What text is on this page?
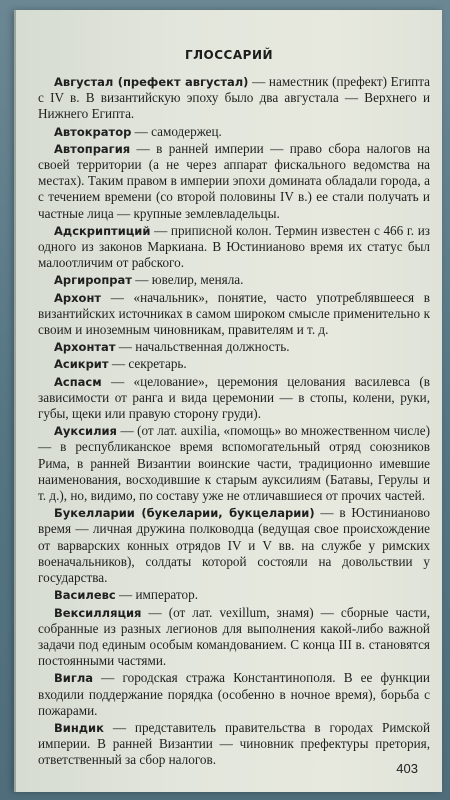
ГЛОССАРИЙ

Августал (префект августал) — наместник (префект) Египта с IV в. В византийскую эпоху было два августала — Верхнего и Нижнего Египта.

Автократор — самодержец.

Автопрагия — в ранней империи — право сбора налогов на своей территории (а не через аппарат фискального ведомства на местах). Таким правом в империи эпохи домината обладали города, а с течением времени (со второй половины IV в.) ее стали получать и частные лица — крупные землевладельцы.

Адскриптиций — приписной колон. Термин известен с 466 г. из одного из законов Маркиана. В Юстинианово время их статус был малоотличим от рабского.

Аргиропрат — ювелир, меняла.

Архонт — «начальник», понятие, часто употреблявшееся в византийских источниках в самом широком смысле применительно к своим и иноземным чиновникам, правителям и т. д.

Архонтат — начальственная должность.

Асикрит — секретарь.

Аспасм — «целование», церемония целования василевса (в зависимости от ранга и вида церемонии — в стопы, колени, руки, губы, щеки или правую сторону груди).

Ауксилия — (от лат. auxilia, «помощь» во множественном числе) — в республиканское время вспомогательный отряд союзников Рима, в ранней Византии воинские части, традиционно имевшие наименования, восходившие к старым ауксилиям (Батавы, Герулы и т. д.), но, видимо, по составу уже не отличавшиеся от прочих частей.

Букелларии (букеларии, букцеларии) — в Юстинианово время — личная дружина полководца (ведущая свое происхождение от варварских конных отрядов IV и V вв. на службе у римских военачальников), солдаты которой состояли на довольствии у государства.

Василевс — император.

Вексилляция — (от лат. vexillum, знамя) — сборные части, собранные из разных легионов для выполнения какой-либо важной задачи под единым особым командованием. С конца III в. становятся постоянными частями.

Вигла — городская стража Константинополя. В ее функции входили поддержание порядка (особенно в ночное время), борьба с пожарами.

Виндик — представитель правительства в городах Римской империи. В ранней Византии — чиновник префектуры претория, ответственный за сбор налогов.

403
